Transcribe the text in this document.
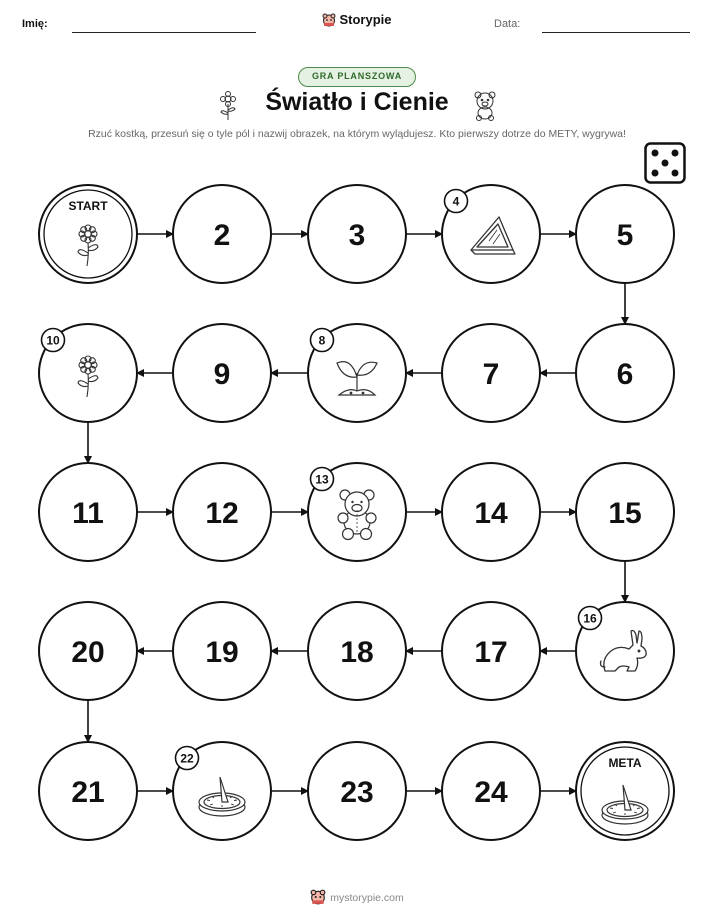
Imię:	Data:
Storypie
GRA PLANSZOWA
Światło i Cienie
Rzuć kostką, przesuń się o tyle pól i nazwij obrazek, na którym wylądujesz. Kto pierwszy dotrze do METY, wygrywa!
START
2	3
4
5
10
9
8
7	6
11	12
13
14	15
20	19	18	17
16
21
22
23	24
META
mystorypie.com
